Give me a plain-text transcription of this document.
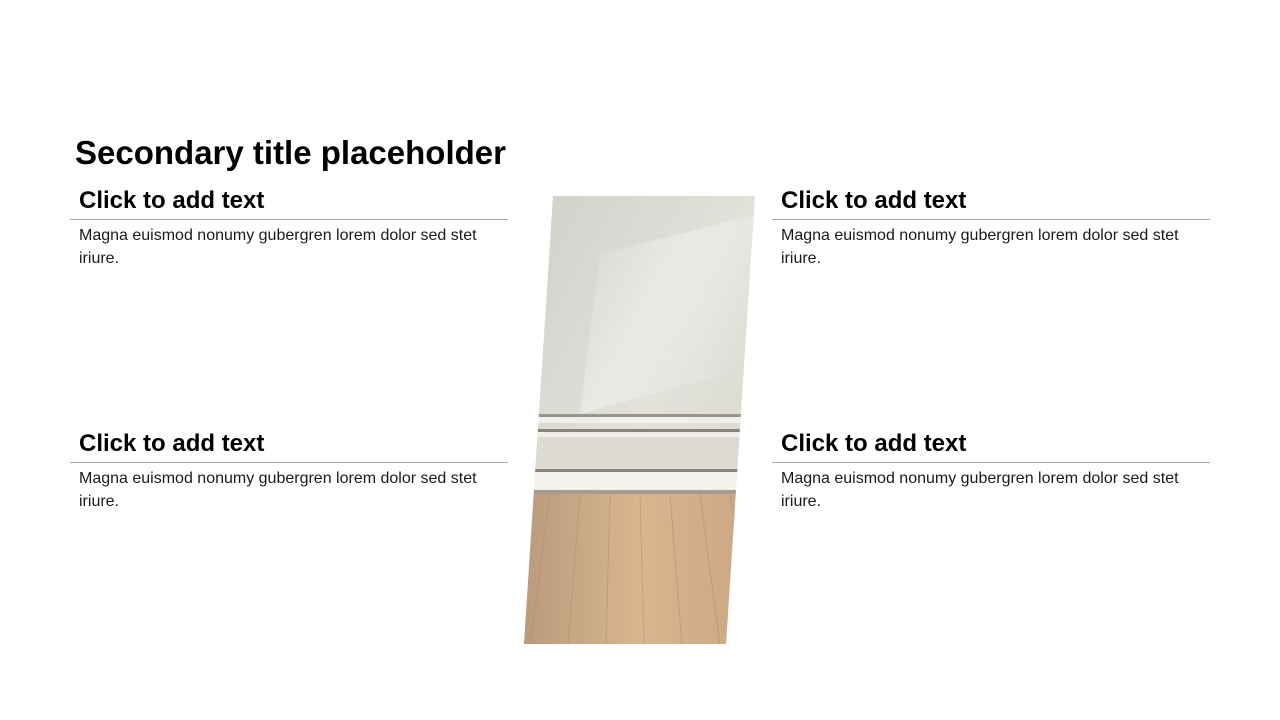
Secondary title placeholder
Click to add text
Magna euismod nonumy gubergren lorem dolor sed stet iriure.
Click to add text
Magna euismod nonumy gubergren lorem dolor sed stet iriure.
Click to add text
Magna euismod nonumy gubergren lorem dolor sed stet iriure.
Click to add text
Magna euismod nonumy gubergren lorem dolor sed stet iriure.
